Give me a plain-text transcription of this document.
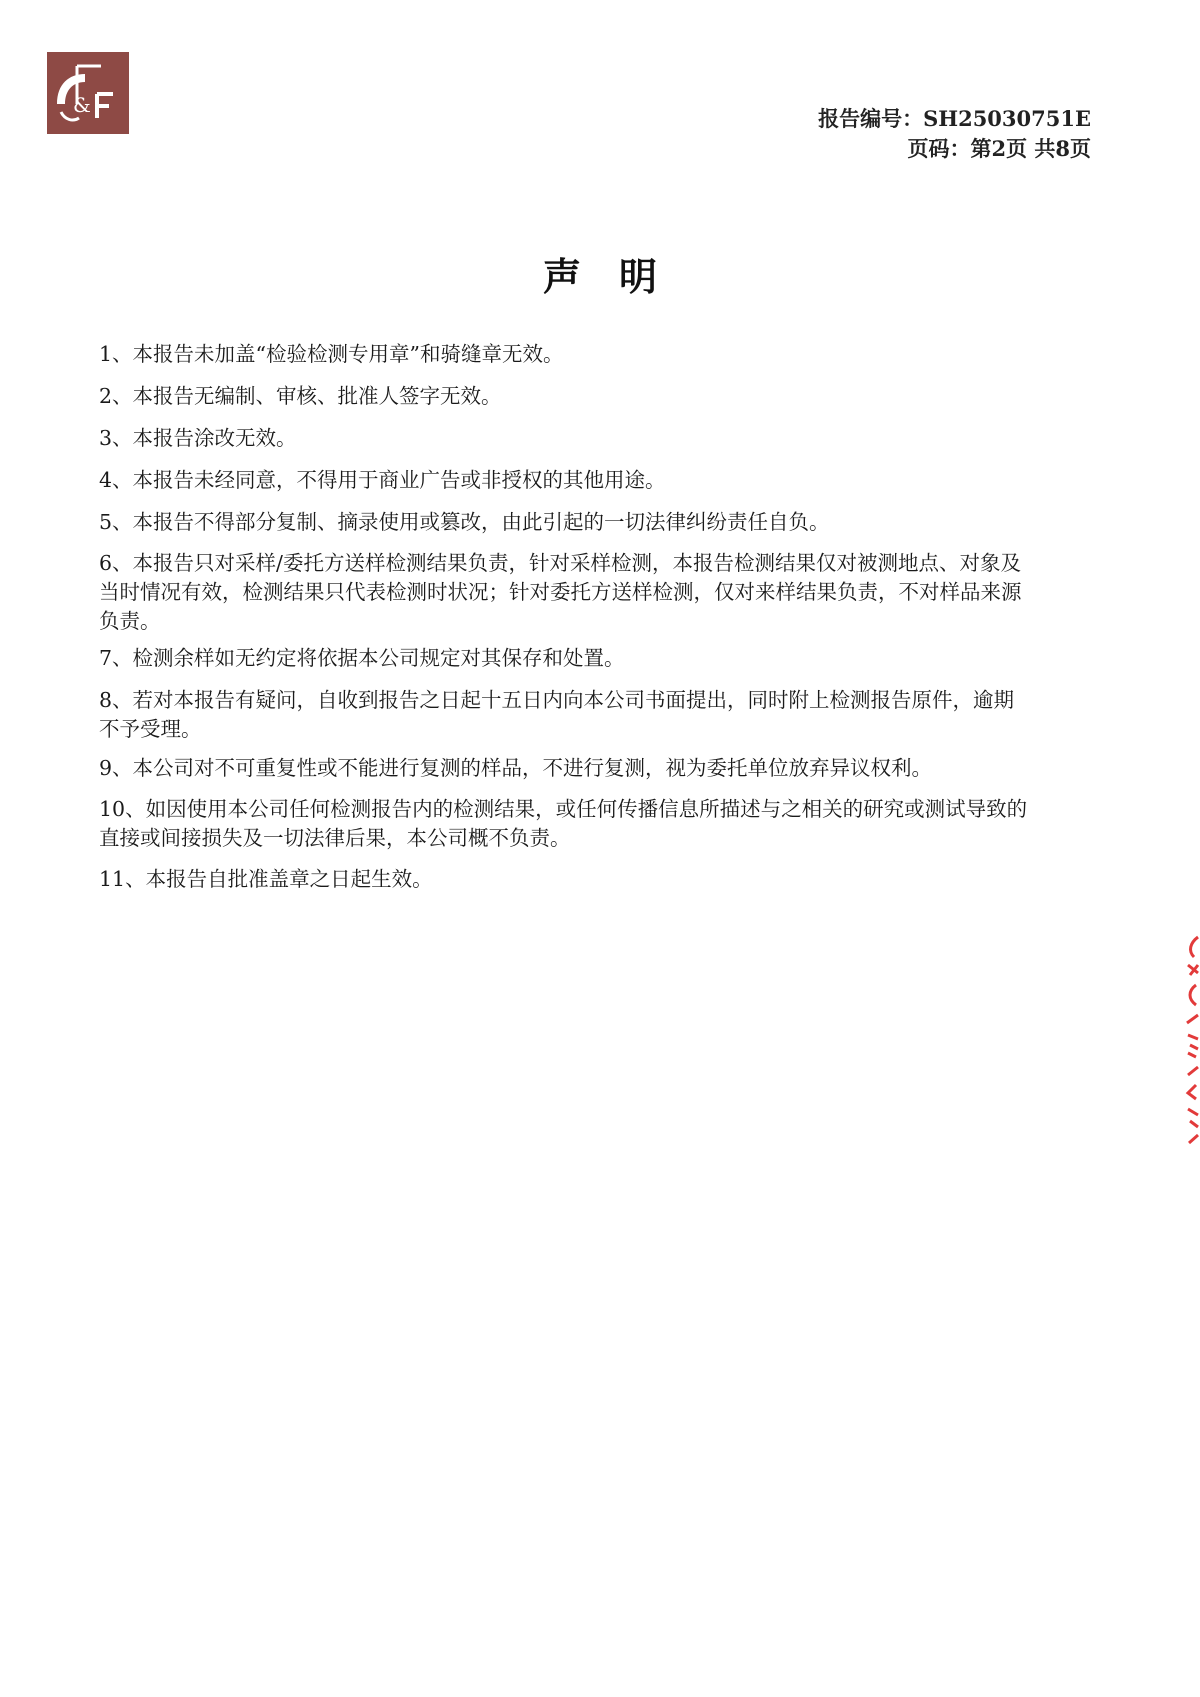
&
报告编号：SH25030751E
页码：第2页 共8页
声明

1、本报告未加盖“检验检测专用章”和骑缝章无效。

2、本报告无编制、审核、批准人签字无效。

3、本报告涂改无效。

4、本报告未经同意，不得用于商业广告或非授权的其他用途。

5、本报告不得部分复制、摘录使用或篡改，由此引起的一切法律纠纷责任自负。

6、本报告只对采样/委托方送样检测结果负责，针对采样检测，本报告检测结果仅对被测地点、对象及
当时情况有效，检测结果只代表检测时状况；针对委托方送样检测，仅对来样结果负责，不对样品来源
负责。

7、检测余样如无约定将依据本公司规定对其保存和处置。

8、若对本报告有疑问，自收到报告之日起十五日内向本公司书面提出，同时附上检测报告原件，逾期
不予受理。

9、本公司对不可重复性或不能进行复测的样品，不进行复测，视为委托单位放弃异议权利。

10、如因使用本公司任何检测报告内的检测结果，或任何传播信息所描述与之相关的研究或测试导致的
直接或间接损失及一切法律后果，本公司概不负责。

11、本报告自批准盖章之日起生效。
